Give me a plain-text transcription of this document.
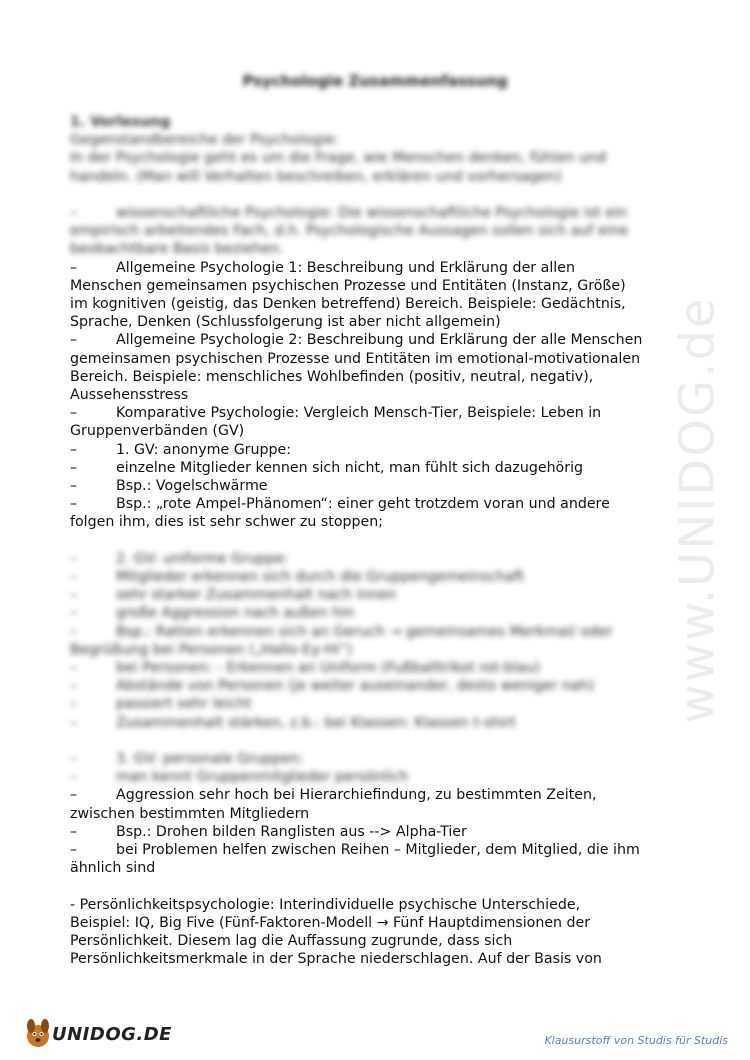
Psychologie Zusammenfassung
1. Vorlesung
Gegenstandbereiche der Psychologie:
In der Psychologie geht es um die Frage, wie Menschen denken, fühlen und
handeln. (Man will Verhalten beschreiben, erklären und vorhersagen)
–	wissenschaftliche Psychologie: Die wissenschaftliche Psychologie ist ein
empirisch arbeitendes Fach, d.h. Psychologische Aussagen sollen sich auf eine
beobachtbare Basis beziehen.
–	Allgemeine Psychologie 1: Beschreibung und Erklärung der allen
Menschen gemeinsamen psychischen Prozesse und Entitäten (Instanz, Größe)
im kognitiven (geistig, das Denken betreffend) Bereich. Beispiele: Gedächtnis,
Sprache, Denken (Schlussfolgerung ist aber nicht allgemein)
–	Allgemeine Psychologie 2: Beschreibung und Erklärung der alle Menschen
gemeinsamen psychischen Prozesse und Entitäten im emotional-motivationalen
Bereich. Beispiele: menschliches Wohlbefinden (positiv, neutral, negativ),
Aussehensstress
–	Komparative Psychologie: Vergleich Mensch-Tier, Beispiele: Leben in
Gruppenverbänden (GV)
–	1. GV: anonyme Gruppe:
–	einzelne Mitglieder kennen sich nicht, man fühlt sich dazugehörig
–	Bsp.: Vogelschwärme
–	Bsp.: „rote Ampel-Phänomen“: einer geht trotzdem voran und andere
folgen ihm, dies ist sehr schwer zu stoppen;
–	2. GV: uniforme Gruppe:
–	Mitglieder erkennen sich durch die Gruppengemeinschaft
–	sehr starker Zusammenhalt nach innen
–	große Aggression nach außen hin
–	Bsp.: Ratten erkennen sich an Geruch → gemeinsames Merkmal/ oder
Begrüßung bei Personen („Hallo-Ey-Hi“)
–	bei Personen: - Erkennen an Uniform (Fußballtrikot rot-blau)
–	Abstände von Personen (je weiter auseinander, desto weniger nah)
–	passiert sehr leicht
–	Zusammenhalt stärken, z.b.: bei Klassen: Klassen t-shirt
–	3. GV: personale Gruppen:
–	man kennt Gruppenmitglieder persönlich
–	Aggression sehr hoch bei Hierarchiefindung, zu bestimmten Zeiten,
zwischen bestimmten Mitgliedern
–	Bsp.: Drohen bilden Ranglisten aus --> Alpha-Tier
–	bei Problemen helfen zwischen Reihen – Mitglieder, dem Mitglied, die ihm
ähnlich sind
- Persönlichkeitspsychologie: Interindividuelle psychische Unterschiede,
Beispiel: IQ, Big Five (Fünf-Faktoren-Modell → Fünf Hauptdimensionen der
Persönlichkeit. Diesem lag die Auffassung zugrunde, dass sich
Persönlichkeitsmerkmale in der Sprache niederschlagen. Auf der Basis von
www.UNIDOG.de
UNIDOG.DE	Klausurstoff von Studis für Studis
